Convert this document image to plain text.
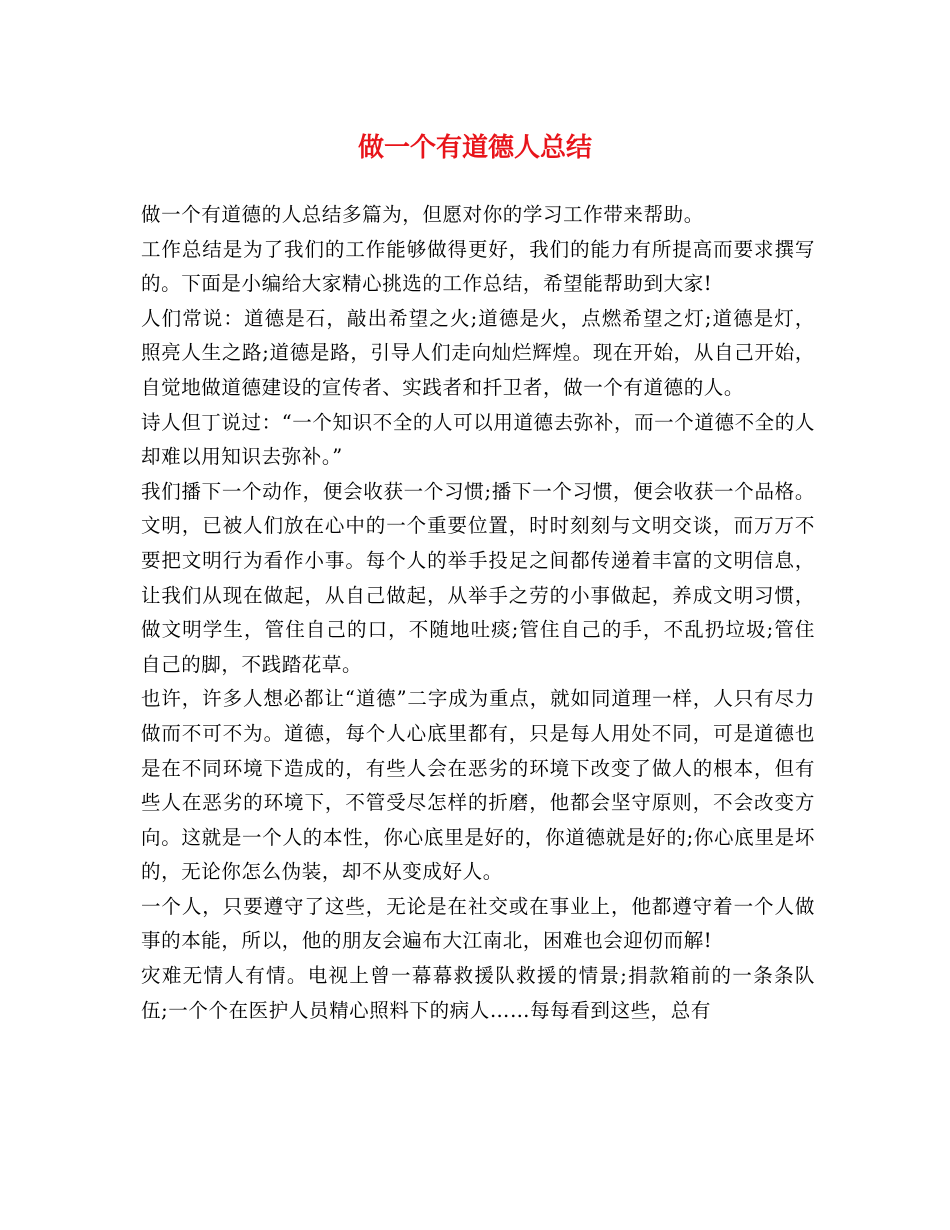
做一个有道德人总结

做一个有道德的人总结多篇为，但愿对你的学习工作带来帮助。

工作总结是为了我们的工作能够做得更好，我们的能力有所提高而要求撰写的。下面是小编给大家精心挑选的工作总结，希望能帮助到大家!

人们常说：道德是石，敲出希望之火;道德是火，点燃希望之灯;道德是灯，照亮人生之路;道德是路，引导人们走向灿烂辉煌。现在开始，从自己开始，自觉地做道德建设的宣传者、实践者和扦卫者，做一个有道德的人。

诗人但丁说过：“一个知识不全的人可以用道德去弥补，而一个道德不全的人却难以用知识去弥补。”

我们播下一个动作，便会收获一个习惯;播下一个习惯，便会收获一个品格。文明，已被人们放在心中的一个重要位置，时时刻刻与文明交谈，而万万不要把文明行为看作小事。每个人的举手投足之间都传递着丰富的文明信息，让我们从现在做起，从自己做起，从举手之劳的小事做起，养成文明习惯，做文明学生，管住自己的口，不随地吐痰;管住自己的手，不乱扔垃圾;管住自己的脚，不践踏花草。

也许，许多人想必都让“道德”二字成为重点，就如同道理一样，人只有尽力做而不可不为。道德，每个人心底里都有，只是每人用处不同，可是道德也是在不同环境下造成的，有些人会在恶劣的环境下改变了做人的根本，但有些人在恶劣的环境下，不管受尽怎样的折磨，他都会坚守原则，不会改变方向。这就是一个人的本性，你心底里是好的，你道德就是好的;你心底里是坏的，无论你怎么伪装，却不从变成好人。

一个人，只要遵守了这些，无论是在社交或在事业上，他都遵守着一个人做事的本能，所以，他的朋友会遍布大江南北，困难也会迎仞而解!

灾难无情人有情。电视上曾一幕幕救援队救援的情景;捐款箱前的一条条队伍;一个个在医护人员精心照料下的病人……每每看到这些，总有
